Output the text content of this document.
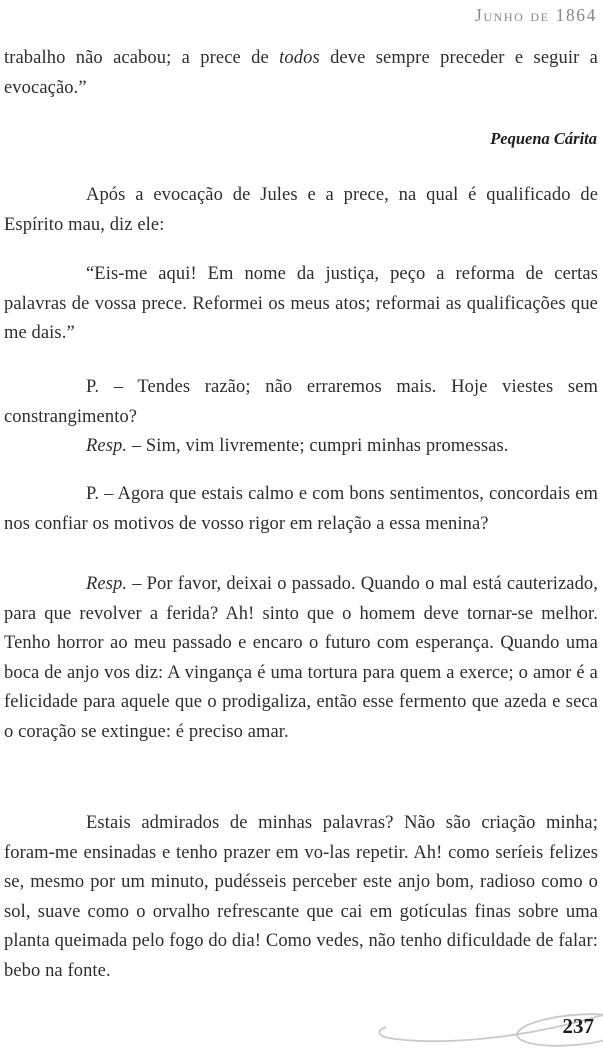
Junho de 1864
trabalho não acabou; a prece de todos deve sempre preceder e seguir a evocação.”
Pequena Cárita
Após a evocação de Jules e a prece, na qual é qualificado de Espírito mau, diz ele:
“Eis-me aqui! Em nome da justiça, peço a reforma de certas palavras de vossa prece. Reformei os meus atos; reformai as qualificações que me dais.”
P. – Tendes razão; não erraremos mais. Hoje viestes sem constrangimento?
Resp. – Sim, vim livremente; cumpri minhas promessas.
P. – Agora que estais calmo e com bons sentimentos, concordais em nos confiar os motivos de vosso rigor em relação a essa menina?
Resp. – Por favor, deixai o passado. Quando o mal está cauterizado, para que revolver a ferida? Ah! sinto que o homem deve tornar-se melhor. Tenho horror ao meu passado e encaro o futuro com esperança. Quando uma boca de anjo vos diz: A vingança é uma tortura para quem a exerce; o amor é a felicidade para aquele que o prodigaliza, então esse fermento que azeda e seca o coração se extingue: é preciso amar.
Estais admirados de minhas palavras? Não são criação minha; foram-me ensinadas e tenho prazer em vo-las repetir. Ah! como seríeis felizes se, mesmo por um minuto, pudésseis perceber este anjo bom, radioso como o sol, suave como o orvalho refrescante que cai em gotículas finas sobre uma planta queimada pelo fogo do dia! Como vedes, não tenho dificuldade de falar: bebo na fonte.
237
